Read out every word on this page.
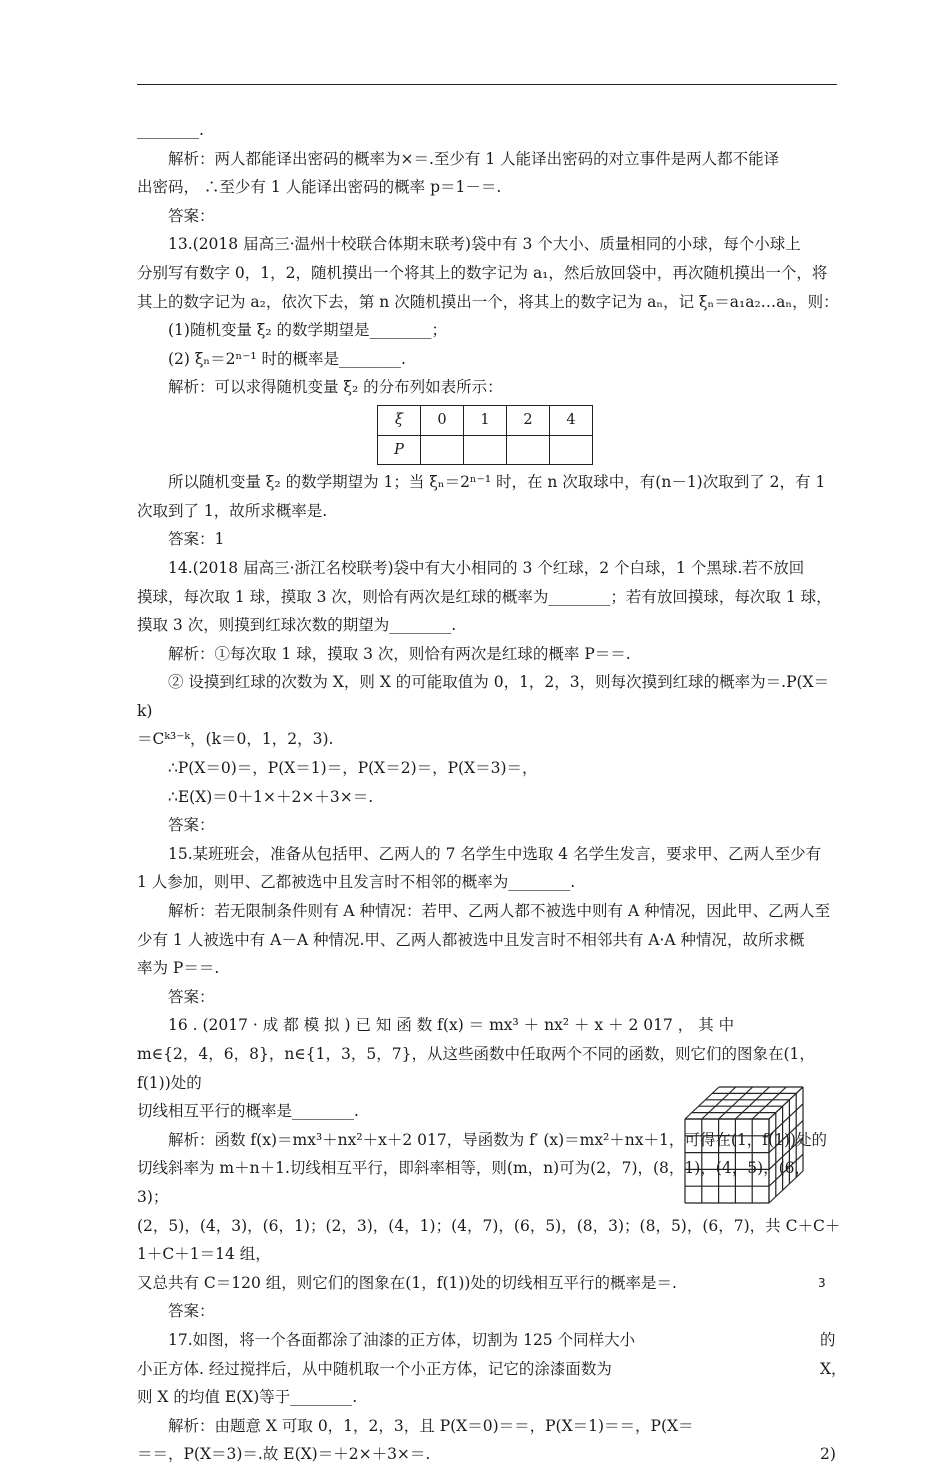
________.

解析：两人都能译出密码的概率为×＝.至少有 1 人能译出密码的对立事件是两人都不能译

出密码， ∴至少有 1 人能译出密码的概率 p＝1－＝.

答案：

13.(2018 届高三·温州十校联合体期末联考)袋中有 3 个大小、质量相同的小球，每个小球上

分别写有数字 0，1，2，随机摸出一个将其上的数字记为 a₁，然后放回袋中，再次随机摸出一个，将

其上的数字记为 a₂，依次下去，第 n 次随机摸出一个，将其上的数字记为 aₙ，记 ξₙ＝a₁a₂…aₙ，则：

(1)随机变量 ξ₂ 的数学期望是________；

(2) ξₙ＝2ⁿ⁻¹ 时的概率是________.

解析：可以求得随机变量 ξ₂ 的分布列如表所示：

ξ	0	1	2	4
P				

所以随机变量 ξ₂ 的数学期望为 1；当 ξₙ＝2ⁿ⁻¹ 时，在 n 次取球中，有(n－1)次取到了 2，有 1

次取到了 1，故所求概率是.

答案：1

14.(2018 届高三·浙江名校联考)袋中有大小相同的 3 个红球，2 个白球，1 个黑球.若不放回

摸球，每次取 1 球，摸取 3 次，则恰有两次是红球的概率为________；若有放回摸球，每次取 1 球，

摸取 3 次，则摸到红球次数的期望为________.

解析：①每次取 1 球，摸取 3 次，则恰有两次是红球的概率 P＝＝.

② 设摸到红球的次数为 X，则 X 的可能取值为 0，1，2，3，则每次摸到红球的概率为＝.P(X＝k)

＝Cᵏ³⁻ᵏ，(k＝0，1，2，3).

∴P(X＝0)＝，P(X＝1)＝，P(X＝2)＝，P(X＝3)＝，

∴E(X)＝0＋1×＋2×＋3×＝.

答案：

15.某班班会，准备从包括甲、乙两人的 7 名学生中选取 4 名学生发言，要求甲、乙两人至少有

1 人参加，则甲、乙都被选中且发言时不相邻的概率为________.

解析：若无限制条件则有 A 种情况：若甲、乙两人都不被选中则有 A 种情况，因此甲、乙两人至

少有 1 人被选中有 A－A 种情况.甲、乙两人都被选中且发言时不相邻共有 A·A 种情况，故所求概

率为 P＝＝.

答案：

16 . (2017 · 成 都 模 拟 ) 已 知 函 数 f(x) ＝ mx³ ＋ nx² ＋ x ＋ 2 017 ， 其 中

m∈{2，4，6，8}，n∈{1，3，5，7}，从这些函数中任取两个不同的函数，则它们的图象在(1，f(1))处的

切线相互平行的概率是________.

解析：函数 f(x)＝mx³＋nx²＋x＋2 017，导函数为 f′ (x)＝mx²＋nx＋1，可得在(1，f(1))处的

切线斜率为 m＋n＋1.切线相互平行，即斜率相等，则(m，n)可为(2，7)，(8，1)，(4，5)，(6，3)；

(2，5)，(4，3)，(6，1)；(2，3)，(4，1)；(4，7)，(6，5)，(8，3)；(8，5)，(6，7)，共 C＋C＋1＋C＋1＝14 组，

又总共有 C＝120 组，则它们的图象在(1，f(1))处的切线相互平行的概率是＝.

答案：

17.如图，将一个各面都涂了油漆的正方体，切割为 125 个同样大小

小正方体. 经过搅拌后，从中随机取一个小正方体，记它的涂漆面数为

则 X 的均值 E(X)等于________.

解析：由题意 X 可取 0，1，2，3，且 P(X＝0)＝＝，P(X＝1)＝＝，P(X＝

＝＝，P(X＝3)＝.故 E(X)＝＋2×＋3×＝.

的
X，
2)
3
